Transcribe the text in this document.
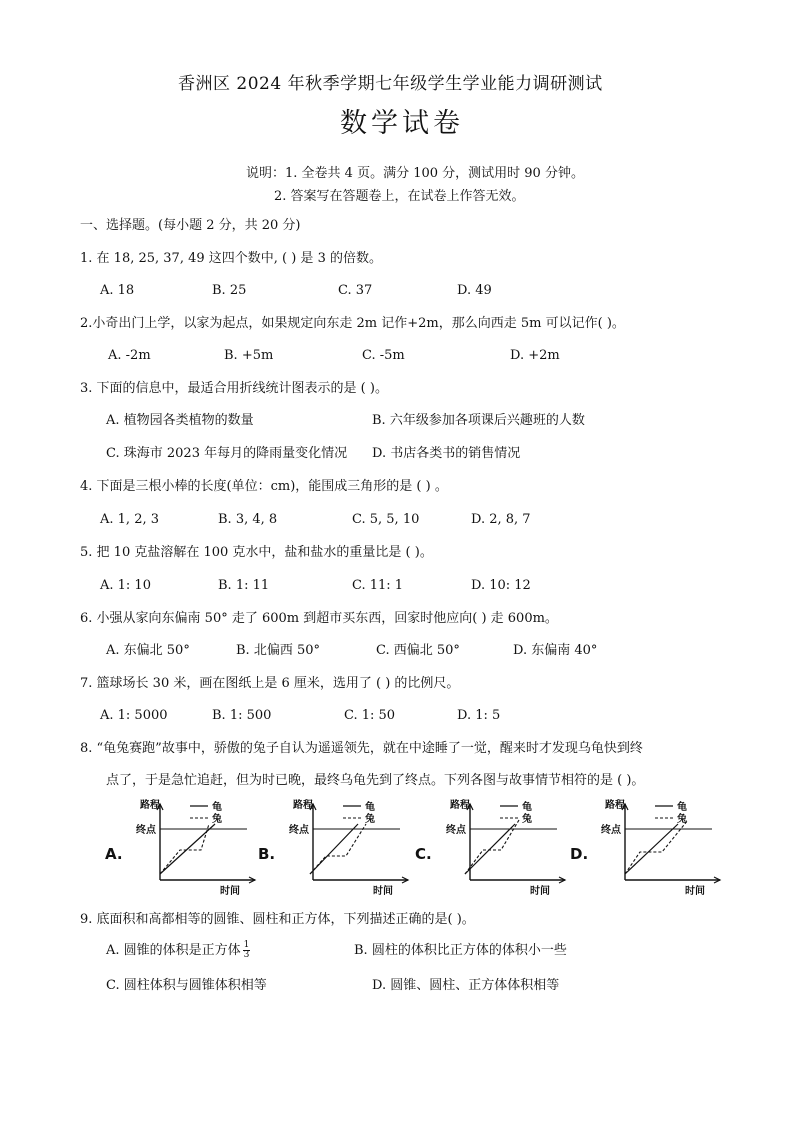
香洲区 2024 年秋季学期七年级学生学业能力调研测试
数学试卷
说明：1. 全卷共 4 页。满分 100 分，测试用时 90 分钟。
2. 答案写在答题卷上，在试卷上作答无效。
一、选择题。(每小题 2 分，共 20 分)
1. 在 18, 25, 37, 49 这四个数中, ( ) 是 3 的倍数。
A. 18	B. 25	C. 37	D. 49
2.小奇出门上学，以家为起点，如果规定向东走 2m 记作+2m，那么向西走 5m 可以记作( )。
A. -2m	B. +5m	C. -5m	D. +2m
3. 下面的信息中，最适合用折线统计图表示的是 ( )。
A. 植物园各类植物的数量	B. 六年级参加各项课后兴趣班的人数
C. 珠海市 2023 年每月的降雨量变化情况 D. 书店各类书的销售情况
4. 下面是三根小棒的长度(单位：cm)，能围成三角形的是 ( ) 。
A. 1, 2, 3	B. 3, 4, 8	C. 5, 5, 10	D. 2, 8, 7
5. 把 10 克盐溶解在 100 克水中，盐和盐水的重量比是 ( )。
A. 1: 10	B. 1: 11	C. 11: 1	D. 10: 12
6. 小强从家向东偏南 50° 走了 600m 到超市买东西，回家时他应向( ) 走 600m。
A. 东偏北 50°	B. 北偏西 50°	C. 西偏北 50°	D. 东偏南 40°
7. 篮球场长 30 米，画在图纸上是 6 厘米，选用了 ( ) 的比例尺。
A. 1: 5000	B. 1: 500	C. 1: 50	D. 1: 5
8. “龟兔赛跑”故事中，骄傲的兔子自认为遥遥领先，就在中途睡了一觉，醒来时才发现乌龟快到终
点了，于是急忙追赶，但为时已晚，最终乌龟先到了终点。下列各图与故事情节相符的是 ( )。
A.
终点
路程
时间
龟
兔
B.
终点
路程
时间
龟
兔
C.
终点
路程
时间
龟
兔
D.
终点
路程
时间
龟
兔
9. 底面积和高都相等的圆锥、圆柱和正方体，下列描述正确的是( )。
A. 圆锥的体积是正方体 $\frac{1}{3}$	B. 圆柱的体积比正方体的体积小一些
C. 圆柱体积与圆锥体积相等	D. 圆锥、圆柱、正方体体积相等
